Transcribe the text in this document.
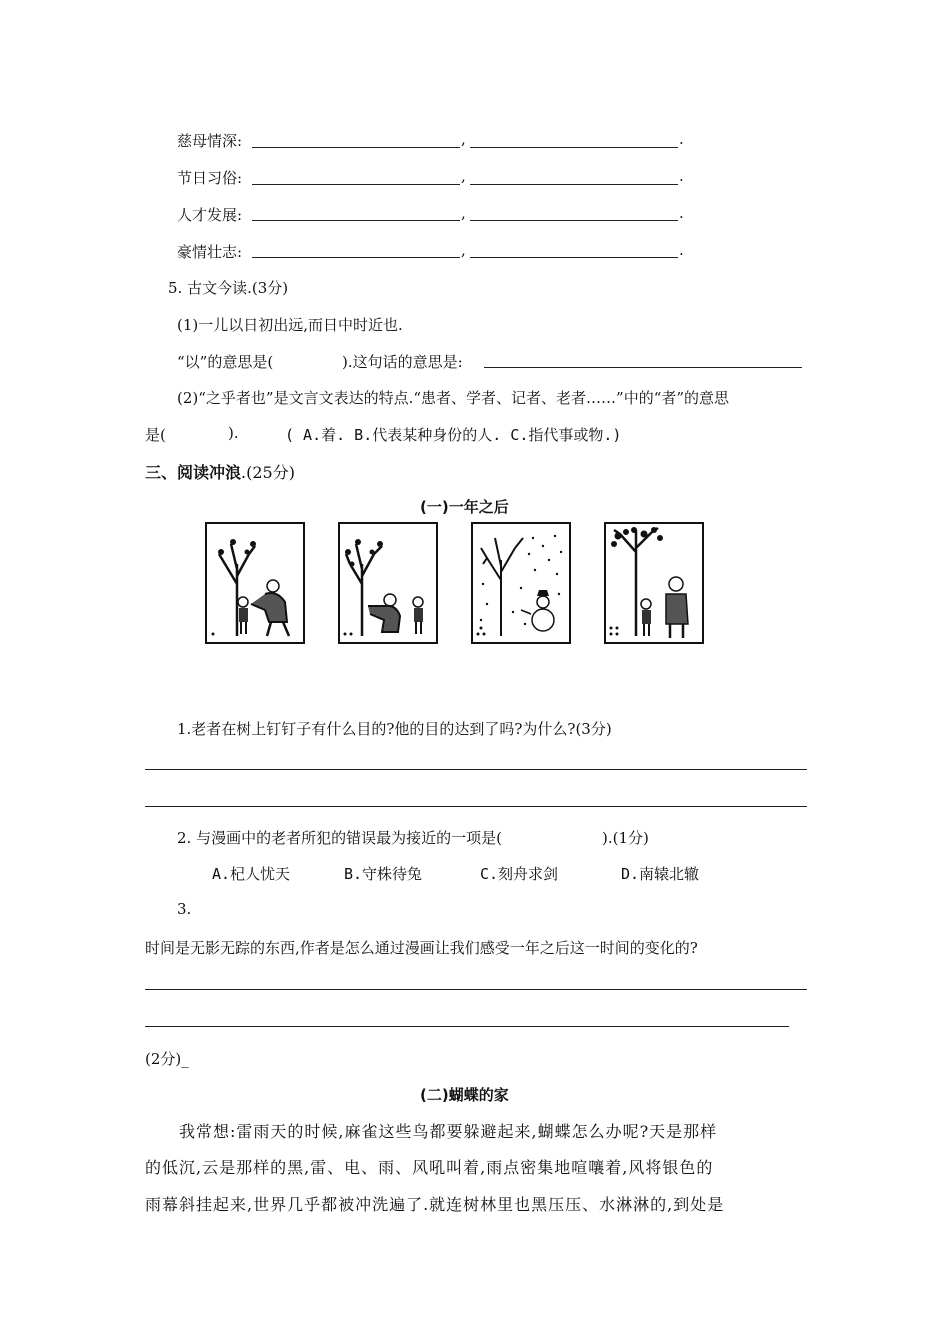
慈母情深:	,	.
节日习俗:	,	.
人才发展:	,	.
豪情壮志:	,	.
5. 古文今读.(3分)
(1)一儿以日初出远,而日中时近也.
“以”的意思是(	).这句话的意思是:
(2)“之乎者也”是文言文表达的特点.“患者、学者、记者、老者……”中的“者”的意思
是(	).	( A.着. B.代表某种身份的人. C.指代事或物.)
三、阅读冲浪.(25分)
(一)一年之后
1.老者在树上钉钉子有什么目的?他的目的达到了吗?为什么?(3分)
2. 与漫画中的老者所犯的错误最为接近的一项是(	).(1分)
A.杞人忧天	B.守株待兔	C.刻舟求剑	D.南辕北辙
3.
时间是无影无踪的东西,作者是怎么通过漫画让我们感受一年之后这一时间的变化的?
(2分)_
(二)蝴蝶的家
我常想:雷雨天的时候,麻雀这些鸟都要躲避起来,蝴蝶怎么办呢?天是那样
的低沉,云是那样的黑,雷、电、雨、风吼叫着,雨点密集地喧嚷着,风将银色的
雨幕斜挂起来,世界几乎都被冲洗遍了.就连树林里也黑压压、水淋淋的,到处是
